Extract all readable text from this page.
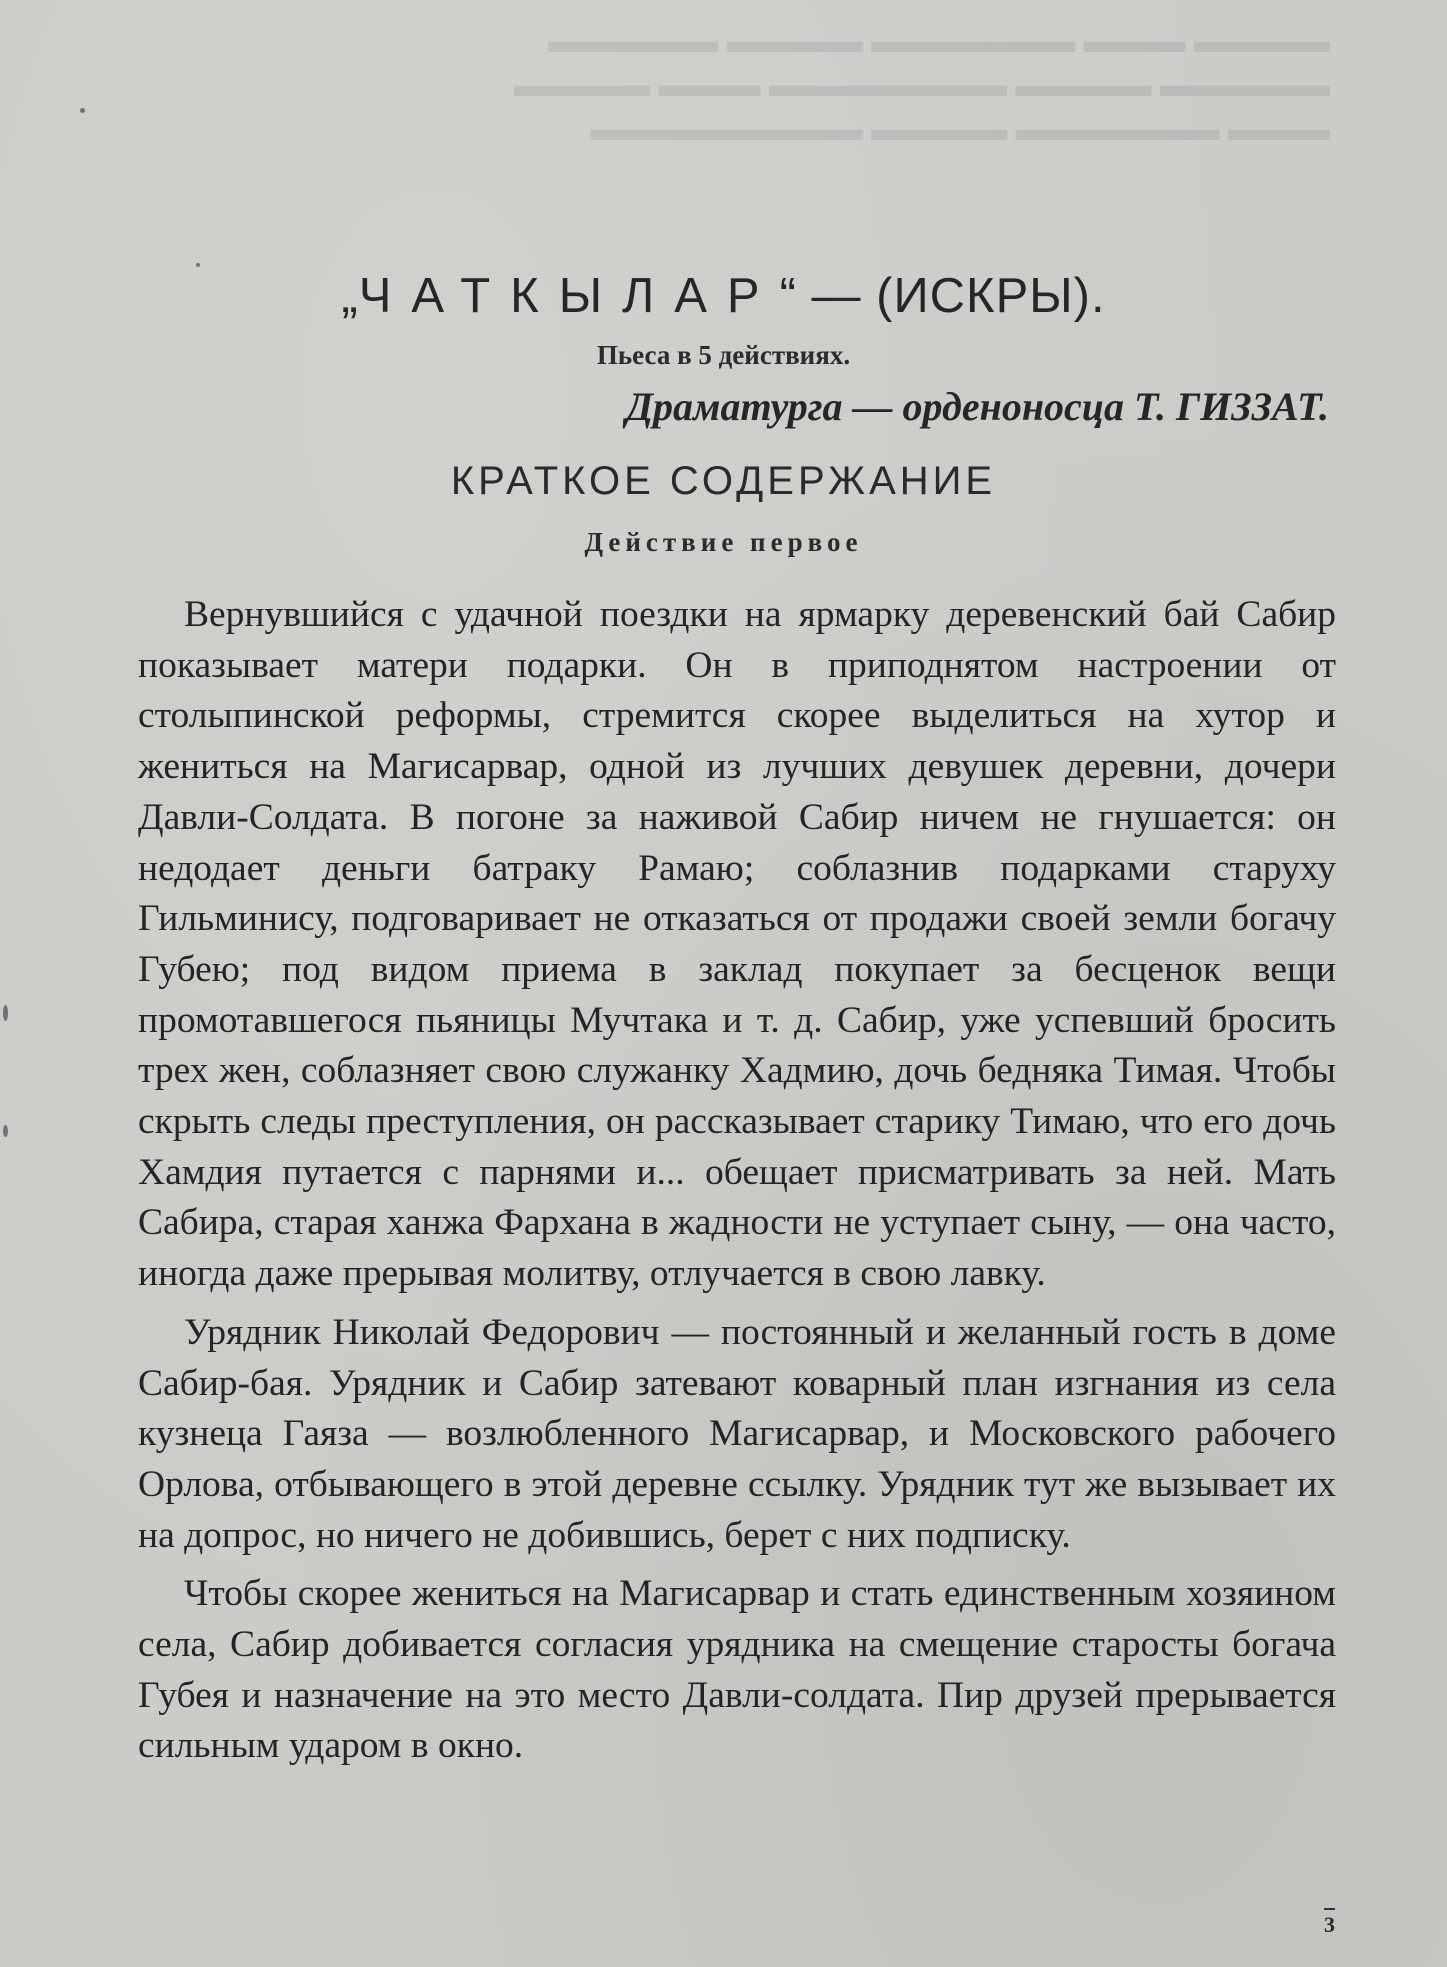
▬▬▬▬ ▬▬▬ ▬▬▬▬▬▬ ▬▬▬▬ ▬▬▬▬▬
▬▬▬▬▬ ▬▬▬▬ ▬▬▬▬▬▬▬ ▬▬▬ ▬▬▬▬
▬▬▬ ▬▬▬▬▬▬ ▬▬▬▬ ▬▬▬▬▬▬▬▬
„ЧАТКЫЛАР“ — (ИСКРЫ).
Пьеса в 5 действиях.
Драматурга — орденоносца Т. ГИЗЗАТ.
КРАТКОЕ СОДЕРЖАНИЕ
Действие первое

Вернувшийся с удачной поездки на ярмарку деревенский бай Сабир показывает матери подарки. Он в приподнятом настроении от столыпинской реформы, стремится скорее выделиться на хутор и жениться на Магисарвар, одной из лучших девушек деревни, дочери Давли-Солдата. В погоне за наживой Сабир ничем не гнушается: он недодает деньги батраку Рамаю; соблазнив подарками старуху Гильминису, подговаривает не отказаться от продажи своей земли богачу Губею; под видом приема в заклад покупает за бесценок вещи промотавшегося пьяницы Мучтака и т. д. Сабир, уже успевший бросить трех жен, соблазняет свою служанку Хадмию, дочь бедняка Тимая. Чтобы скрыть следы преступления, он рассказывает старику Тимаю, что его дочь Хамдия путается с парнями и... обещает присматривать за ней. Мать Сабира, старая ханжа Фархана в жадности не уступает сыну, — она часто, иногда даже прерывая молитву, отлучается в свою лавку.

Урядник Николай Федорович — постоянный и желанный гость в доме Сабир-бая. Урядник и Сабир затевают коварный план изгнания из села кузнеца Гаяза — возлюбленного Магисарвар, и Московского рабочего Орлова, отбывающего в этой деревне ссылку. Урядник тут же вызывает их на допрос, но ничего не добившись, берет с них подписку.

Чтобы скорее жениться на Магисарвар и стать единственным хозяином села, Сабир добивается согласия урядника на смещение старосты богача Губея и назначение на это место Давли-солдата. Пир друзей прерывается сильным ударом в окно.

3
